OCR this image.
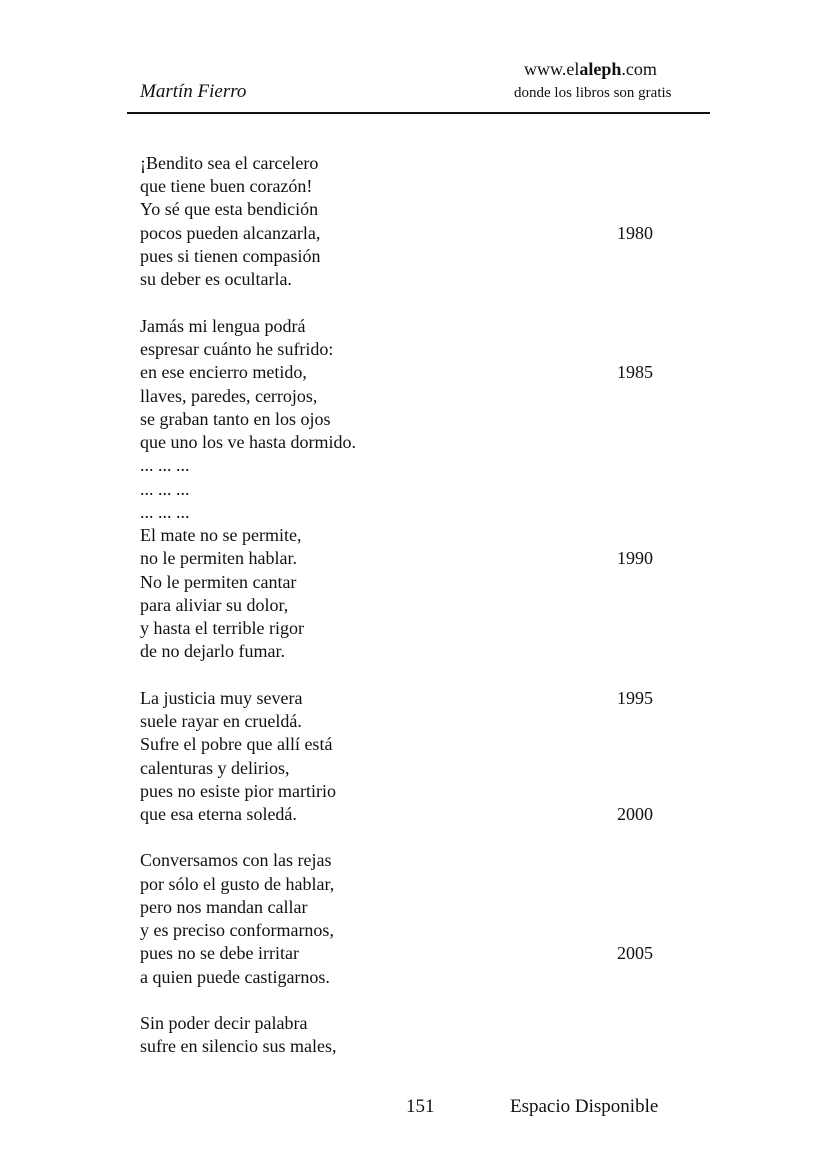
Martín Fierro
www.elaleph.com
donde los libros son gratis
¡Bendito sea el carcelero
que tiene buen corazón!
Yo sé que esta bendición
pocos pueden alcanzarla,
pues si tienen compasión
su deber es ocultarla.
Jamás mi lengua podrá
espresar cuánto he sufrido:
en ese encierro metido,
llaves, paredes, cerrojos,
se graban tanto en los ojos
que uno los ve hasta dormido.
... ... ...
... ... ...
... ... ...
El mate no se permite,
no le permiten hablar.
No le permiten cantar
para aliviar su dolor,
y hasta el terrible rigor
de no dejarlo fumar.
La justicia muy severa
suele rayar en crueldá.
Sufre el pobre que allí está
calenturas y delirios,
pues no esiste pior martirio
que esa eterna soledá.
Conversamos con las rejas
por sólo el gusto de hablar,
pero nos mandan callar
y es preciso conformarnos,
pues no se debe irritar
a quien puede castigarnos.
Sin poder decir palabra
sufre en silencio sus males,
1980
1985
1990
1995
2000
2005
151	Espacio Disponible
